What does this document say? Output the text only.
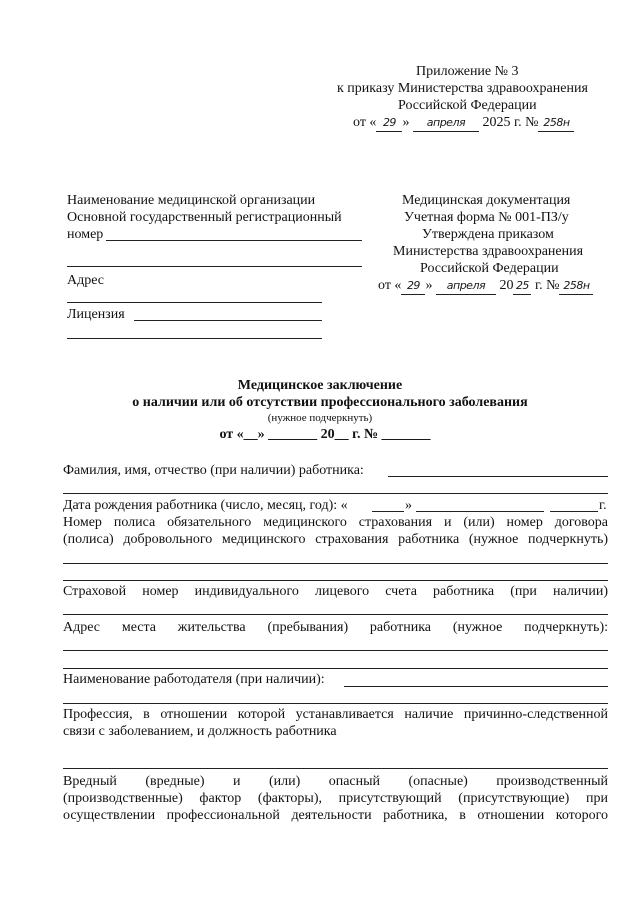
Приложение № 3
к приказу Министерства здравоохранения
Российской Федерации
от « 29 » апреля 2025 г. № 258н
Наименование медицинской организации
Основной государственный регистрационный
номер
Адрес
Лицензия
Медицинская документация
Учетная форма № 001-ПЗ/у
Утверждена приказом
Министерства здравоохранения
Российской Федерации
от « 29 » апреля 20 25 г. № 258н
Медицинское заключение
о наличии или об отсутствии профессионального заболевания
(нужное подчеркнуть)
от «__» _______ 20__ г. № _______
Фамилия, имя, отчество (при наличии) работника:
Дата рождения работника (число, месяц, год): «	»	г.
Номер полиса обязательного медицинского страхования и (или) номер договора
(полиса) добровольного медицинского страхования работника (нужное подчеркнуть)
Страховой номер индивидуального лицевого счета работника (при наличии)
Адрес места жительства (пребывания) работника (нужное подчеркнуть):
Наименование работодателя (при наличии):
Профессия, в отношении которой устанавливается наличие причинно-следственной
связи с заболеванием, и должность работника
Вредный (вредные) и (или) опасный (опасные) производственный
(производственные) фактор (факторы), присутствующий (присутствующие) при
осуществлении профессиональной деятельности работника, в отношении которого
